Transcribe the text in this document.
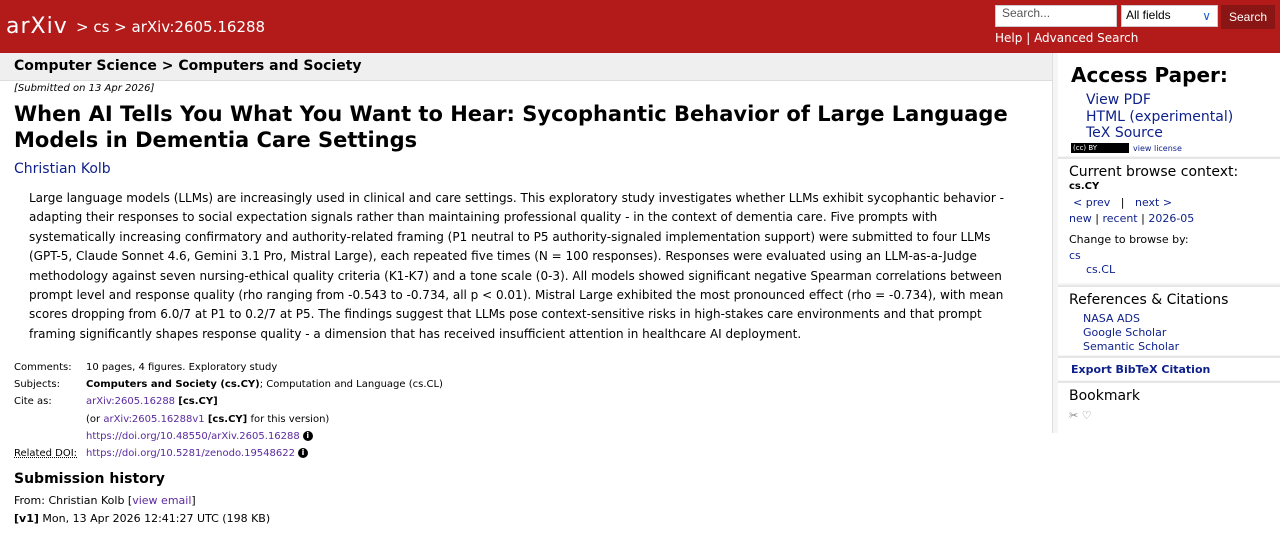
arXiv > cs > arXiv:2605.16288
Search...	All fields	∨	Search
Help | Advanced Search
Computer Science > Computers and Society
[Submitted on 13 Apr 2026]
When AI Tells You What You Want to Hear: Sycophantic Behavior of Large Language Models in Dementia Care Settings
Christian Kolb
Large language models (LLMs) are increasingly used in clinical and care settings. This exploratory study investigates whether LLMs exhibit sycophantic behavior - adapting their responses to social expectation signals rather than maintaining professional quality - in the context of dementia care. Five prompts with systematically increasing confirmatory and authority-related framing (P1 neutral to P5 authority-signaled implementation support) were submitted to four LLMs (GPT-5, Claude Sonnet 4.6, Gemini 3.1 Pro, Mistral Large), each repeated five times (N = 100 responses). Responses were evaluated using an LLM-as-a-Judge methodology against seven nursing-ethical quality criteria (K1-K7) and a tone scale (0-3). All models showed significant negative Spearman correlations between prompt level and response quality (rho ranging from -0.543 to -0.734, all p < 0.01). Mistral Large exhibited the most pronounced effect (rho = -0.734), with mean scores dropping from 6.0/7 at P1 to 0.2/7 at P5. The findings suggest that LLMs pose context-sensitive risks in high-stakes care environments and that prompt framing significantly shapes response quality - a dimension that has received insufficient attention in healthcare AI deployment.
Comments:	10 pages, 4 figures. Exploratory study
Subjects:	Computers and Society (cs.CY); Computation and Language (cs.CL)
Cite as:	arXiv:2605.16288 [cs.CY]
(or arXiv:2605.16288v1 [cs.CY] for this version)
https://doi.org/10.48550/arXiv.2605.16288 i
Related DOI: https://doi.org/10.5281/zenodo.19548622 i
Submission history
From: Christian Kolb [view email]
[v1] Mon, 13 Apr 2026 12:41:27 UTC (198 KB)
Access Paper:
View PDF
HTML (experimental)
TeX Source
(cc) BY	view license
Current browse context:
cs.CY
< prev | next >
new | recent | 2026-05
Change to browse by:
cs
cs.CL
References & Citations
NASA ADS
Google Scholar
Semantic Scholar
Export BibTeX Citation
Bookmark
✂ ♡
